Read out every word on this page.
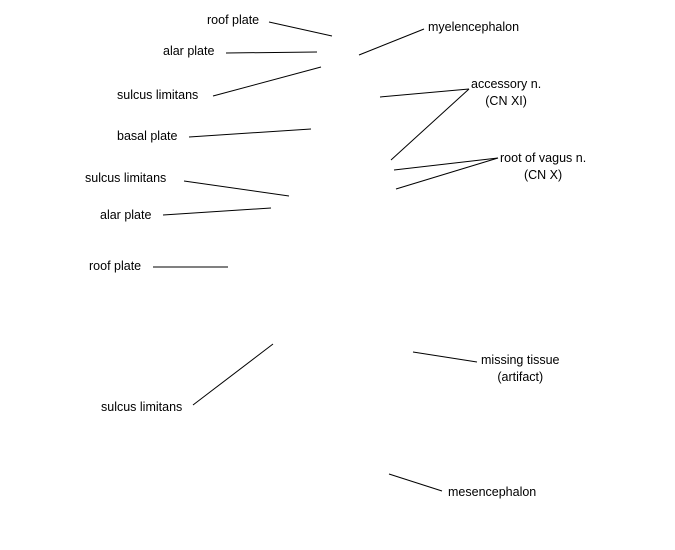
roof plate
alar plate
sulcus limitans
basal plate
sulcus limitans
alar plate
roof plate
sulcus limitans
myelencephalon
accessory n.
(CN XI)
root of vagus n.
(CN X)
missing tissue
(artifact)
mesencephalon
